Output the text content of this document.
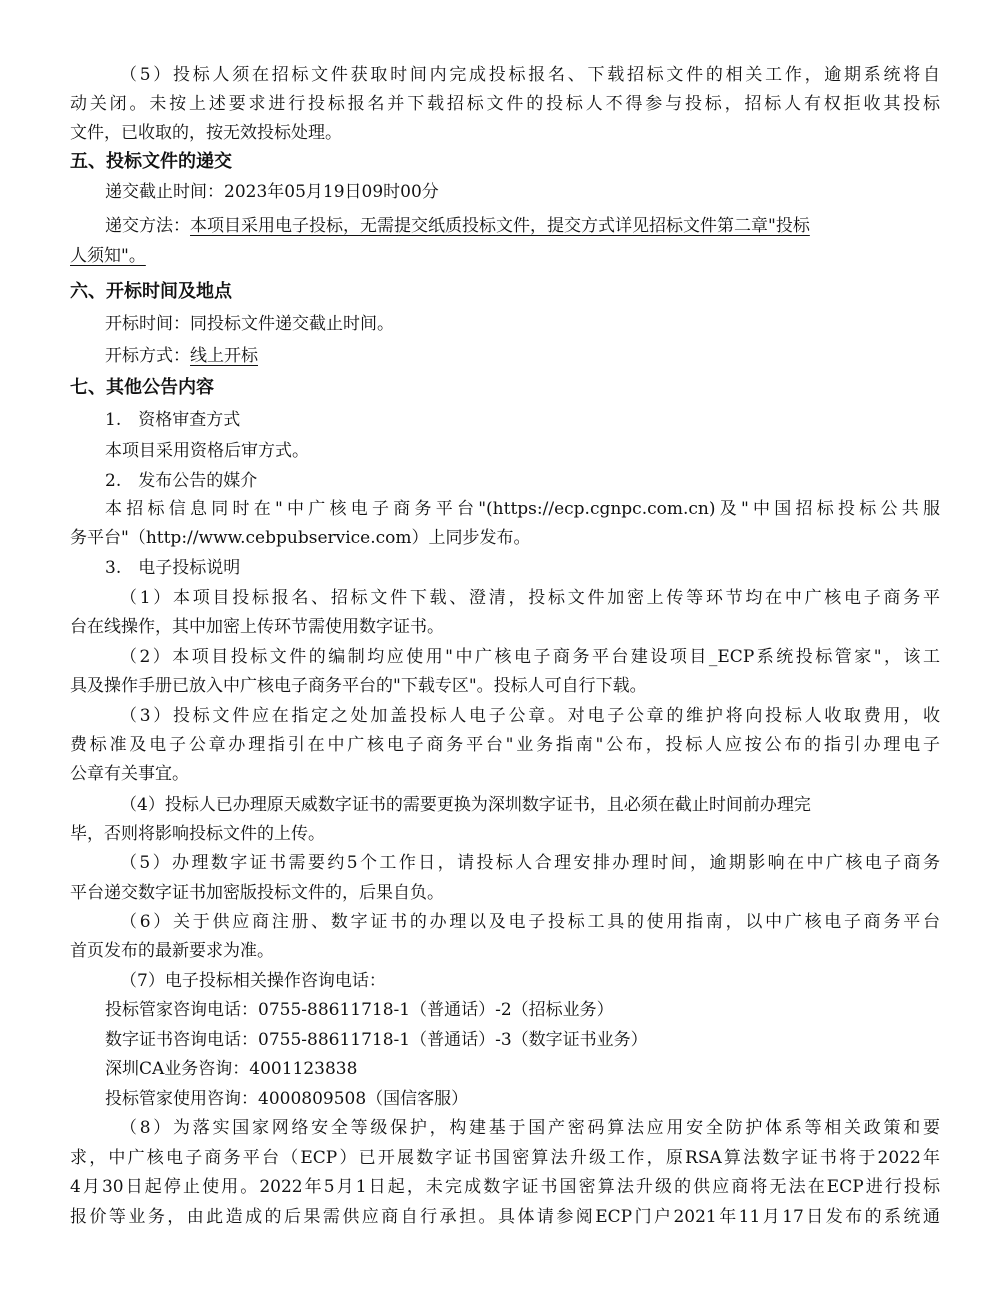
（5）投标人须在招标文件获取时间内完成投标报名、下载招标文件的相关工作，逾期系统将自
动关闭。未按上述要求进行投标报名并下载招标文件的投标人不得参与投标，招标人有权拒收其投标
文件，已收取的，按无效投标处理。
五、投标文件的递交
递交截止时间：2023年05月19日09时00分
递交方法：本项目采用电子投标，无需提交纸质投标文件，提交方式详见招标文件第二章"投标
人须知"。
六、开标时间及地点
开标时间：同投标文件递交截止时间。
开标方式：线上开标
七、其他公告内容
1.　资格审查方式
本项目采用资格后审方式。
2.　发布公告的媒介
本招标信息同时在"中广核电子商务平台"(https://ecp.cgnpc.com.cn)及"中国招标投标公共服
务平台"（http://www.cebpubservice.com）上同步发布。
3.　电子投标说明
（1）本项目投标报名、招标文件下载、澄清，投标文件加密上传等环节均在中广核电子商务平
台在线操作，其中加密上传环节需使用数字证书。
（2）本项目投标文件的编制均应使用"中广核电子商务平台建设项目_ECP系统投标管家"，该工
具及操作手册已放入中广核电子商务平台的"下载专区"。投标人可自行下载。
（3）投标文件应在指定之处加盖投标人电子公章。对电子公章的维护将向投标人收取费用，收
费标准及电子公章办理指引在中广核电子商务平台"业务指南"公布，投标人应按公布的指引办理电子
公章有关事宜。
（4）投标人已办理原天威数字证书的需要更换为深圳数字证书，且必须在截止时间前办理完
毕，否则将影响投标文件的上传。
（5）办理数字证书需要约5个工作日，请投标人合理安排办理时间，逾期影响在中广核电子商务
平台递交数字证书加密版投标文件的，后果自负。
（6）关于供应商注册、数字证书的办理以及电子投标工具的使用指南，以中广核电子商务平台
首页发布的最新要求为准。
（7）电子投标相关操作咨询电话：
投标管家咨询电话：0755-88611718-1（普通话）-2（招标业务）
数字证书咨询电话：0755-88611718-1（普通话）-3（数字证书业务）
深圳CA业务咨询：4001123838
投标管家使用咨询：4000809508（国信客服）
（8）为落实国家网络安全等级保护，构建基于国产密码算法应用安全防护体系等相关政策和要
求，中广核电子商务平台（ECP）已开展数字证书国密算法升级工作，原RSA算法数字证书将于2022年
4月30日起停止使用。2022年5月1日起，未完成数字证书国密算法升级的供应商将无法在ECP进行投标
报价等业务，由此造成的后果需供应商自行承担。具体请参阅ECP门户2021年11月17日发布的系统通
